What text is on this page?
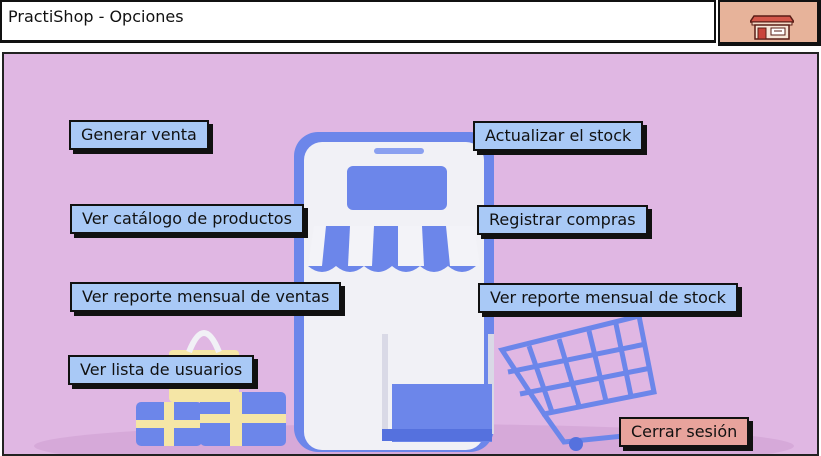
PractiShop - Opciones
Generar venta
Ver catálogo de productos
Ver reporte mensual de ventas
Ver lista de usuarios
Actualizar el stock
Registrar compras
Ver reporte mensual de stock
Cerrar sesión
